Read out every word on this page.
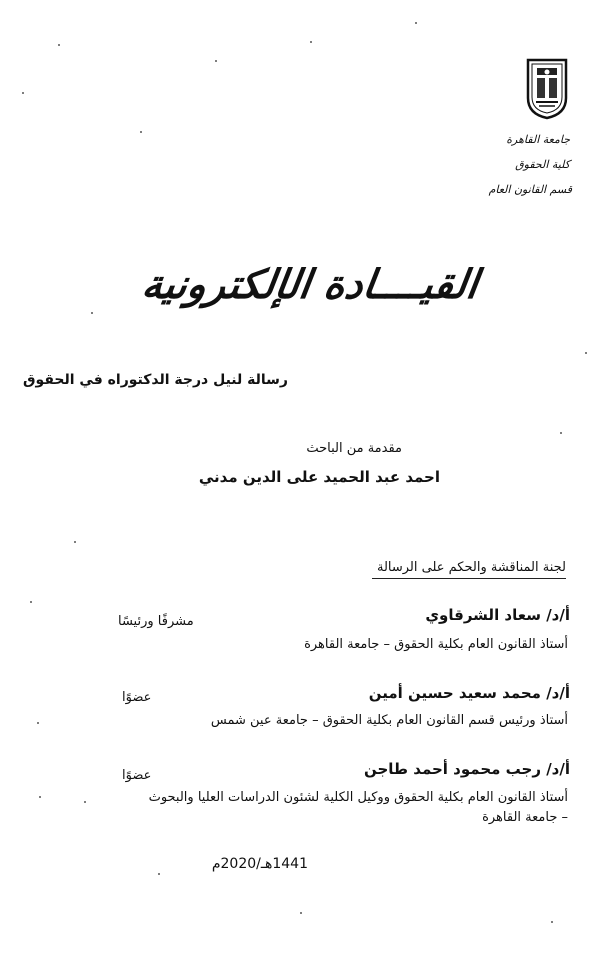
جامعة القاهرة
كلية الحقوق
قسم القانون العام
القيــــادة الإلكترونية
رسالة لنيل درجة الدكتوراه في الحقوق
مقدمة من الباحث
احمد عبد الحميد على الدين مدني
لجنة المناقشة والحكم على الرسالة
أ/د/ سعاد الشرقاوي
مشرفًا ورئيسًا
أستاذ القانون العام بكلية الحقوق – جامعة القاهرة
أ/د/ محمد سعيد حسين أمين
عضوًا
أستاذ ورئيس قسم القانون العام بكلية الحقوق – جامعة عين شمس
أ/د/ رجب محمود أحمد طاجن
عضوًا
أستاذ القانون العام بكلية الحقوق ووكيل الكلية لشئون الدراسات العليا والبحوث – جامعة القاهرة
1441هـ/2020م
